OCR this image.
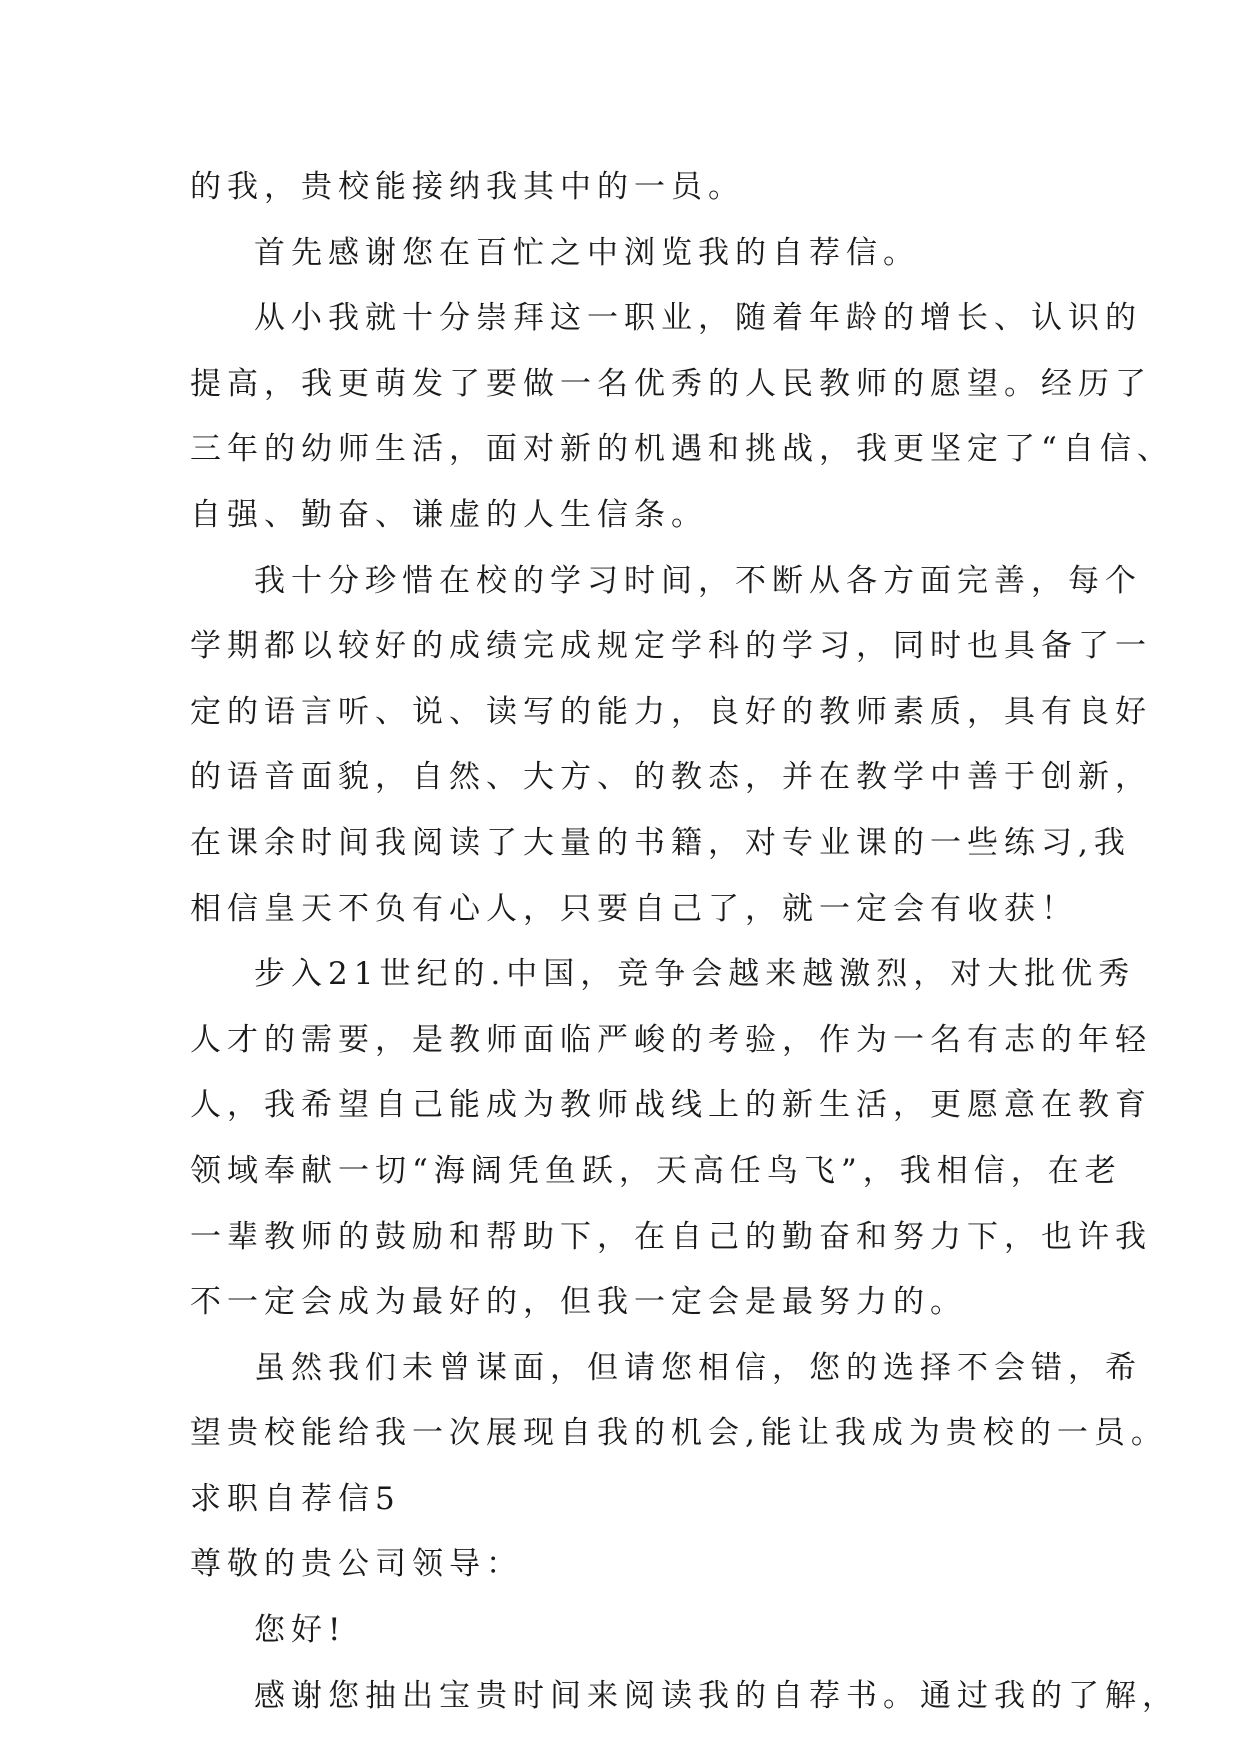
的我，贵校能接纳我其中的一员。
首先感谢您在百忙之中浏览我的自荐信。
从小我就十分崇拜这一职业，随着年龄的增长、认识的
提高，我更萌发了要做一名优秀的人民教师的愿望。经历了
三年的幼师生活，面对新的机遇和挑战，我更坚定了“自信、
自强、勤奋、谦虚的人生信条。
我十分珍惜在校的学习时间，不断从各方面完善，每个
学期都以较好的成绩完成规定学科的学习，同时也具备了一
定的语言听、说、读写的能力，良好的教师素质，具有良好
的语音面貌，自然、大方、的教态，并在教学中善于创新，
在课余时间我阅读了大量的书籍，对专业课的一些练习,我
相信皇天不负有心人，只要自己了，就一定会有收获！
步入21世纪的.中国，竞争会越来越激烈，对大批优秀
人才的需要，是教师面临严峻的考验，作为一名有志的年轻
人，我希望自己能成为教师战线上的新生活，更愿意在教育
领域奉献一切“海阔凭鱼跃，天高任鸟飞”，我相信，在老
一辈教师的鼓励和帮助下，在自己的勤奋和努力下，也许我
不一定会成为最好的，但我一定会是最努力的。
虽然我们未曾谋面，但请您相信，您的选择不会错，希
望贵校能给我一次展现自我的机会,能让我成为贵校的一员。
求职自荐信5
尊敬的贵公司领导：
您好!
感谢您抽出宝贵时间来阅读我的自荐书。通过我的了解，
